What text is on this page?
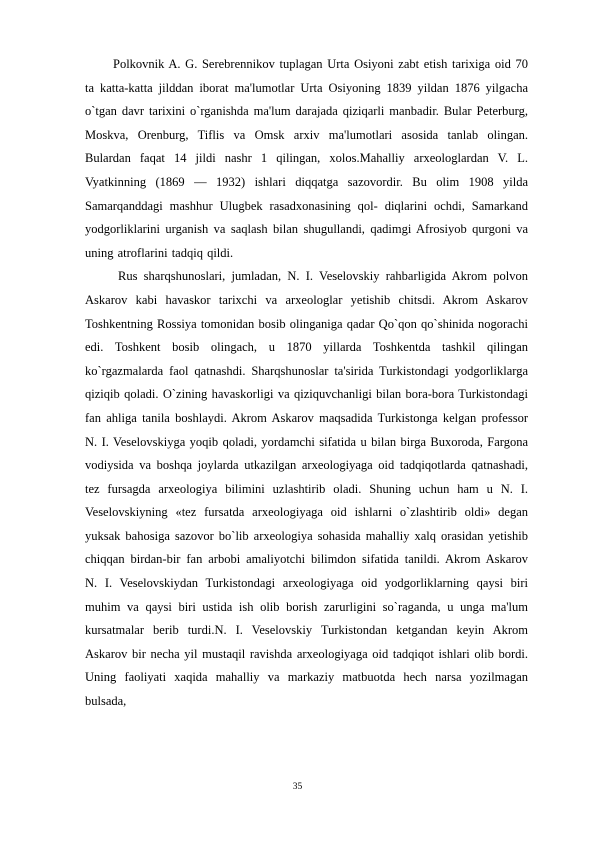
Polkovnik A. G. Serebrennikov tuplagan Urta Osiyoni zabt etish tarixiga oid 70 ta katta-katta jilddan iborat ma'lumotlar Urta Osiyoning 1839 yildan 1876 yilgacha o`tgan davr tarixini o`rganishda ma'lum darajada qiziqarli manbadir. Bular Peterburg, Moskva, Orenburg, Tiflis va Omsk arxiv ma'lumotlari asosida tanlab olingan. Bulardan faqat 14 jildi nashr 1 qilingan, xolos.Mahalliy arxeologlardan V. L. Vyatkinning (1869 — 1932) ishlari diqqatga sazovordir. Bu olim 1908 yilda Samarqanddagi mashhur Ulugbek rasadxonasining qol- diqlarini ochdi, Samarkand yodgorliklarini urganish va saqlash bilan shugullandi, qadimgi Afrosiyob qurgoni va uning atroflarini tadqiq qildi.

Rus sharqshunoslari, jumladan, N. I. Veselovskiy rahbarligida Akrom polvon Askarov kabi havaskor tarixchi va arxeologlar yetishib chitsdi. Akrom Askarov Toshkentning Rossiya tomonidan bosib olinganiga qadar Qo`qon qo`shinida nogorachi edi. Toshkent bosib olingach, u 1870 yillarda Toshkentda tashkil qilingan ko`rgazmalarda faol qatnashdi. Sharqshunoslar ta'sirida Turkistondagi yodgorliklarga qiziqib qoladi. O`zining havaskorligi va qiziquvchanligi bilan bora-bora Turkistondagi fan ahliga tanila boshlaydi. Akrom Askarov maqsadida Turkistonga kelgan professor N. I. Veselovskiyga yoqib qoladi, yordamchi sifatida u bilan birga Buxoroda, Fargona vodiysida va boshqa joylarda utkazilgan arxeologiyaga oid tadqiqotlarda qatnashadi, tez fursagda arxeologiya bilimini uzlashtirib oladi. Shuning uchun ham u N. I. Veselovskiyning «tez fursatda arxeologiyaga oid ishlarni o`zlashtirib oldi» degan yuksak bahosiga sazovor bo`lib arxeologiya sohasida mahalliy xalq orasidan yetishib chiqqan birdan-bir fan arbobi amaliyotchi bilimdon sifatida tanildi. Akrom Askarov N. I. Veselovskiydan Turkistondagi arxeologiyaga oid yodgorliklarning qaysi biri muhim va qaysi biri ustida ish olib borish zarurligini so`raganda, u unga ma'lum kursatmalar berib turdi.N. I. Veselovskiy Turkistondan ketgandan keyin Akrom Askarov bir necha yil mustaqil ravishda arxeologiyaga oid tadqiqot ishlari olib bordi. Uning faoliyati xaqida mahalliy va markaziy matbuotda hech narsa yozilmagan bulsada,

35
